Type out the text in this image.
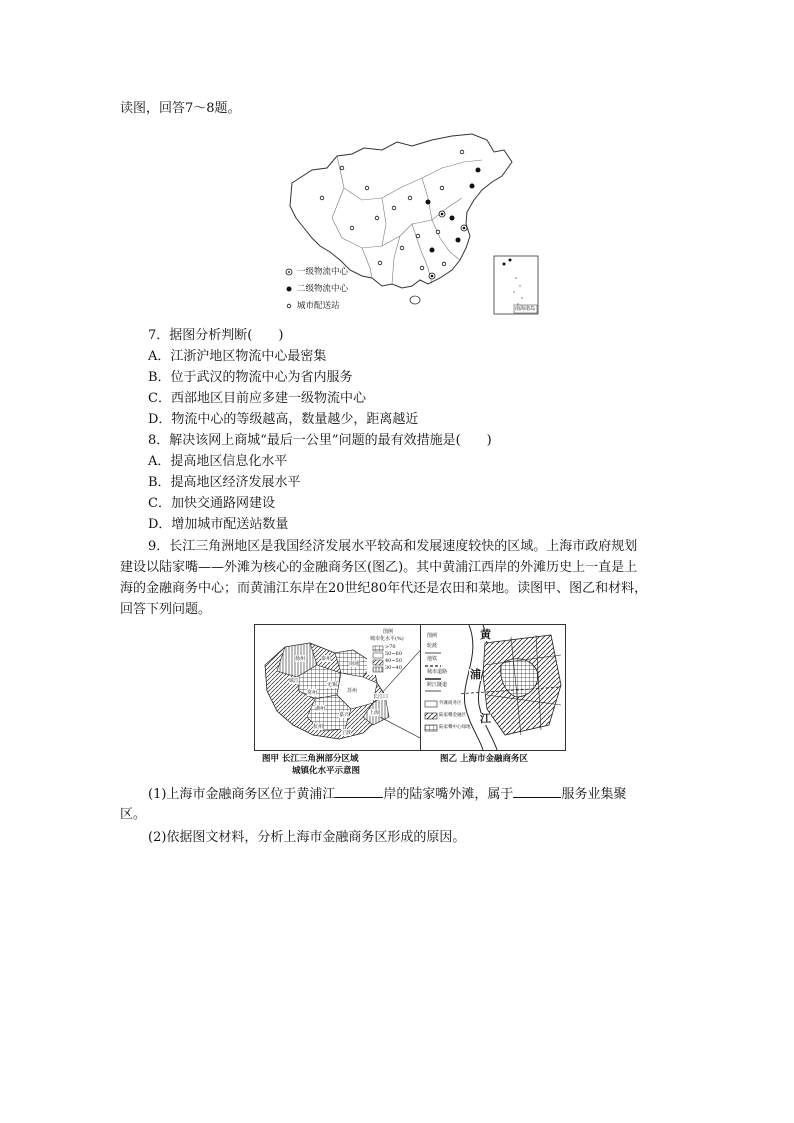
读图，回答7～8题。
一级物流中心
二级物流中心
城市配送站	南海诸岛
7．据图分析判断(　　)
A．江浙沪地区物流中心最密集
B．位于武汉的物流中心为省内服务
C．西部地区目前应多建一级物流中心
D．物流中心的等级越高，数量越少，距离越近
8．解决该网上商城“最后一公里”问题的最有效措施是(　　)
A．提高地区信息化水平
B．提高地区经济发展水平
C．加快交通路网建设
D．增加城市配送站数量
9．长江三角洲地区是我国经济发展水平较高和发展速度较快的区域。上海市政府规划
建设以陆家嘴——外滩为核心的金融商务区(图乙)。其中黄浦江西岸的外滩历史上一直是上
海的金融商务中心；而黄浦江东岸在20世纪80年代还是农田和菜地。读图甲、图乙和材料，
回答下列问题。
图例
城市化水平(%)
>70
50~60
40~50
30~40
扬州	泰州
南通
镇江
常州
无锡
苏州
湖州
嘉兴
长江口
上海
杭州
宁波
图例
轮渡
地铁
城市道路
跨江隧道
外滩商务区
陆家嘴金融区
陆家嘴中心绿地
黄
浦
江
图甲 长江三角洲部分区域
城镇化水平示意图
图乙 上海市金融商务区
(1)上海市金融商务区位于黄浦江	岸的陆家嘴外滩，属于	服务业集聚
区。
(2)依据图文材料，分析上海市金融商务区形成的原因。
